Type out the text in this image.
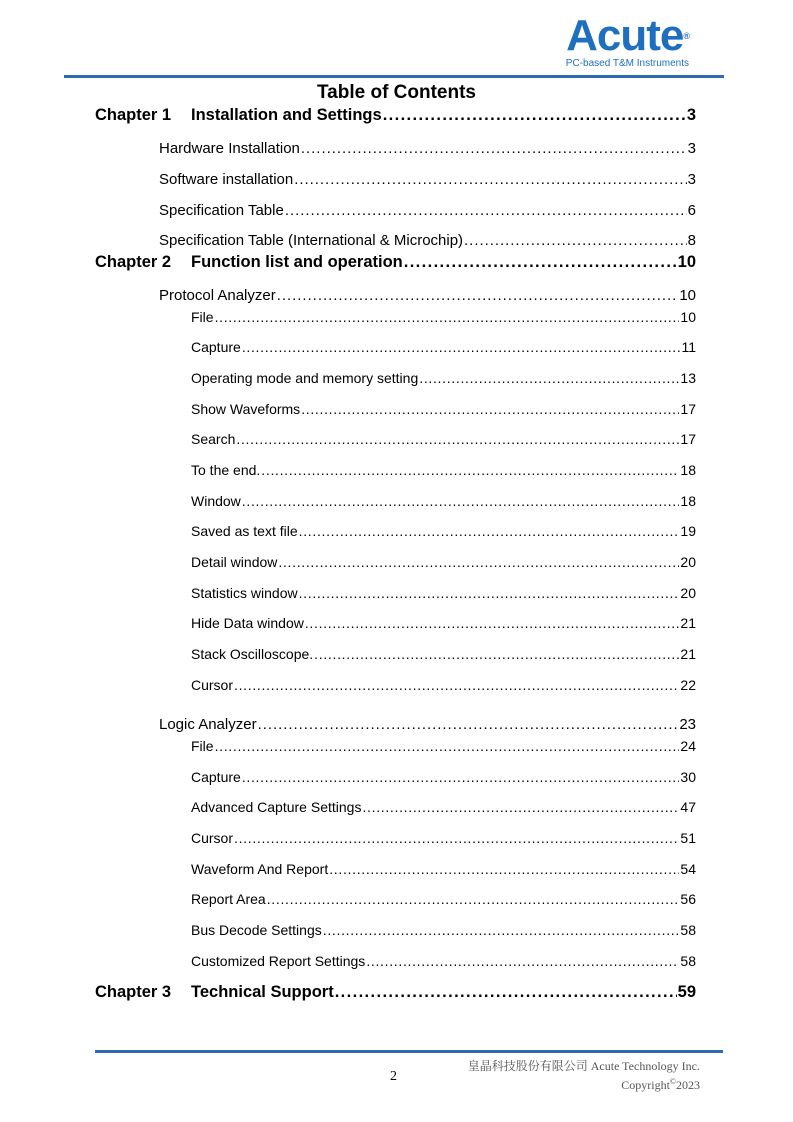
Acute®
PC-based T&M Instruments
Table of Contents
Chapter 1 Installation and Settings . . .	3
Hardware Installation . . .	3
Software installation . . .	3
Specification Table . . .	6
Specification Table (International & Microchip) . . .	8
Chapter 2 Function list and operation . . .	10
Protocol Analyzer . . .	10
File . . .	10
Capture . . .	11
Operating mode and memory setting . . .	13
Show Waveforms . . .	17
Search . . .	17
To the end. . . .	18
Window . . .	18
Saved as text file . . .	19
Detail window . . .	20
Statistics window . . .	20
Hide Data window . . .	21
Stack Oscilloscope. . . .	21
Cursor . . .	22
Logic Analyzer . . .	23
File . . .	24
Capture . . .	30
Advanced Capture Settings . . .	47
Cursor . . .	51
Waveform And Report . . .	54
Report Area . . .	56
Bus Decode Settings . . .	58
Customized Report Settings . . .	58
Chapter 3 Technical Support . . .	59
2
皇晶科技股份有限公司 Acute Technology Inc.
Copyright©2023
